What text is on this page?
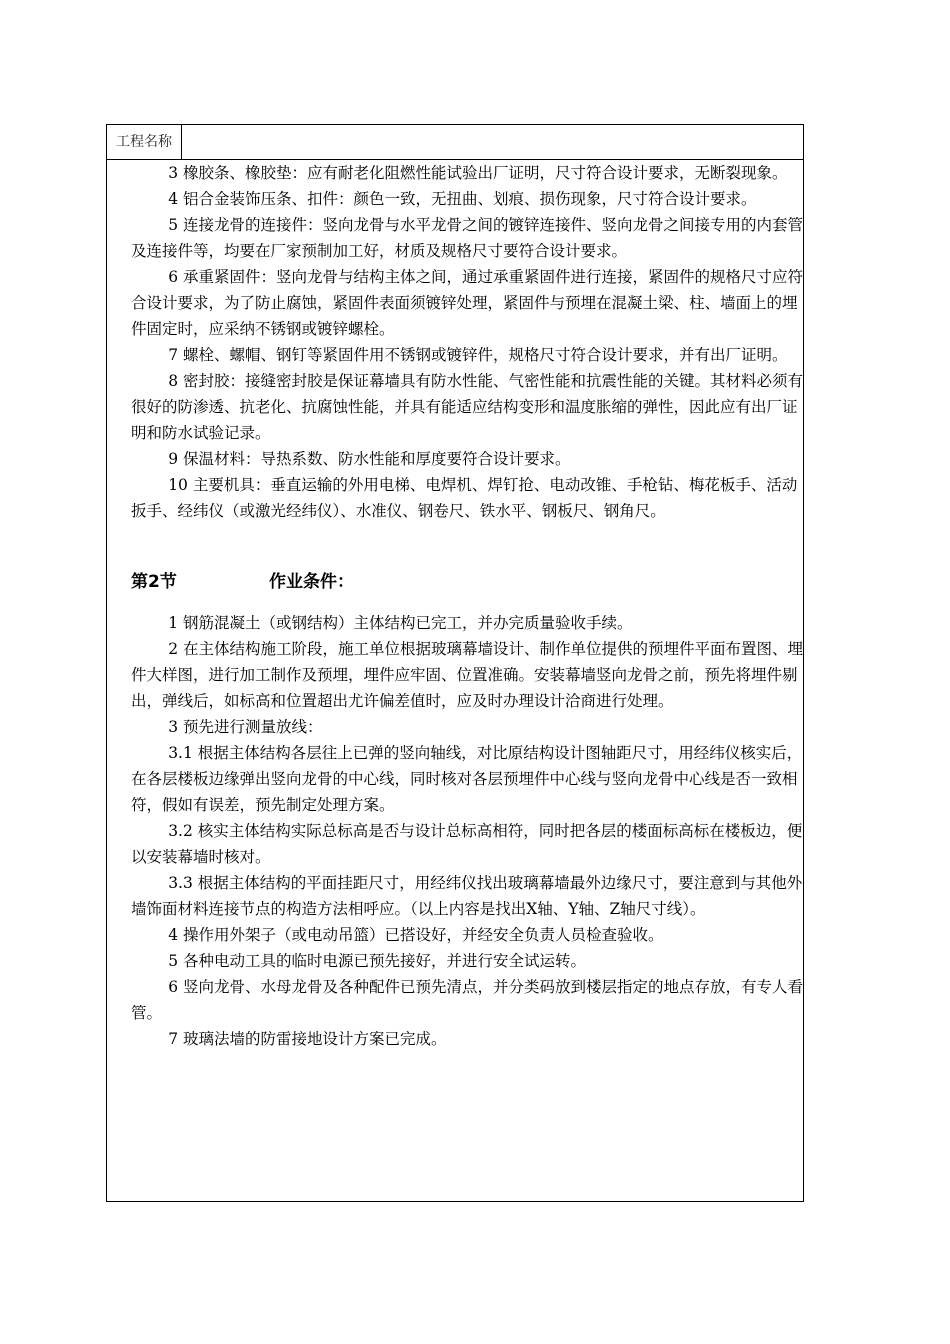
工程名称

3 橡胶条、橡胶垫：应有耐老化阻燃性能试验出厂证明，尺寸符合设计要求，无断裂现象。

4 铝合金装饰压条、扣件：颜色一致，无扭曲、划痕、损伤现象，尺寸符合设计要求。

5 连接龙骨的连接件：竖向龙骨与水平龙骨之间的镀锌连接件、竖向龙骨之间接专用的内套管及连接件等，均要在厂家预制加工好，材质及规格尺寸要符合设计要求。

6 承重紧固件：竖向龙骨与结构主体之间，通过承重紧固件进行连接，紧固件的规格尺寸应符合设计要求，为了防止腐蚀，紧固件表面须镀锌处理，紧固件与预埋在混凝土梁、柱、墙面上的埋件固定时，应采纳不锈钢或镀锌螺栓。

7 螺栓、螺帽、钢钉等紧固件用不锈钢或镀锌件，规格尺寸符合设计要求，并有出厂证明。

8 密封胶：接缝密封胶是保证幕墙具有防水性能、气密性能和抗震性能的关键。其材料必须有很好的防渗透、抗老化、抗腐蚀性能，并具有能适应结构变形和温度胀缩的弹性，因此应有出厂证明和防水试验记录。

9 保温材料：导热系数、防水性能和厚度要符合设计要求。

10 主要机具：垂直运输的外用电梯、电焊机、焊钉抢、电动改锥、手枪钻、梅花板手、活动扳手、经纬仪（或激光经纬仪）、水准仪、钢卷尺、铁水平、钢板尺、钢角尺。

第2节	作业条件：

1 钢筋混凝土（或钢结构）主体结构已完工，并办完质量验收手续。

2 在主体结构施工阶段，施工单位根据玻璃幕墙设计、制作单位提供的预埋件平面布置图、埋件大样图，进行加工制作及预埋，埋件应牢固、位置准确。安装幕墙竖向龙骨之前，预先将埋件剔出，弹线后，如标高和位置超出尤许偏差值时，应及时办理设计洽商进行处理。

3 预先进行测量放线：

3.1 根据主体结构各层往上已弹的竖向轴线，对比原结构设计图轴距尺寸，用经纬仪核实后，在各层楼板边缘弹出竖向龙骨的中心线，同时核对各层预埋件中心线与竖向龙骨中心线是否一致相符，假如有误差，预先制定处理方案。

3.2 核实主体结构实际总标高是否与设计总标高相符，同时把各层的楼面标高标在楼板边，便以安装幕墙时核对。

3.3 根据主体结构的平面挂距尺寸，用经纬仪找出玻璃幕墙最外边缘尺寸，要注意到与其他外墙饰面材料连接节点的构造方法相呼应。（以上内容是找出X轴、Y轴、Z轴尺寸线）。

4 操作用外架子（或电动吊篮）已搭设好，并经安全负责人员检查验收。

5 各种电动工具的临时电源已预先接好，并进行安全试运转。

6 竖向龙骨、水母龙骨及各种配件已预先清点，并分类码放到楼层指定的地点存放，有专人看管。

7 玻璃法墙的防雷接地设计方案已完成。
